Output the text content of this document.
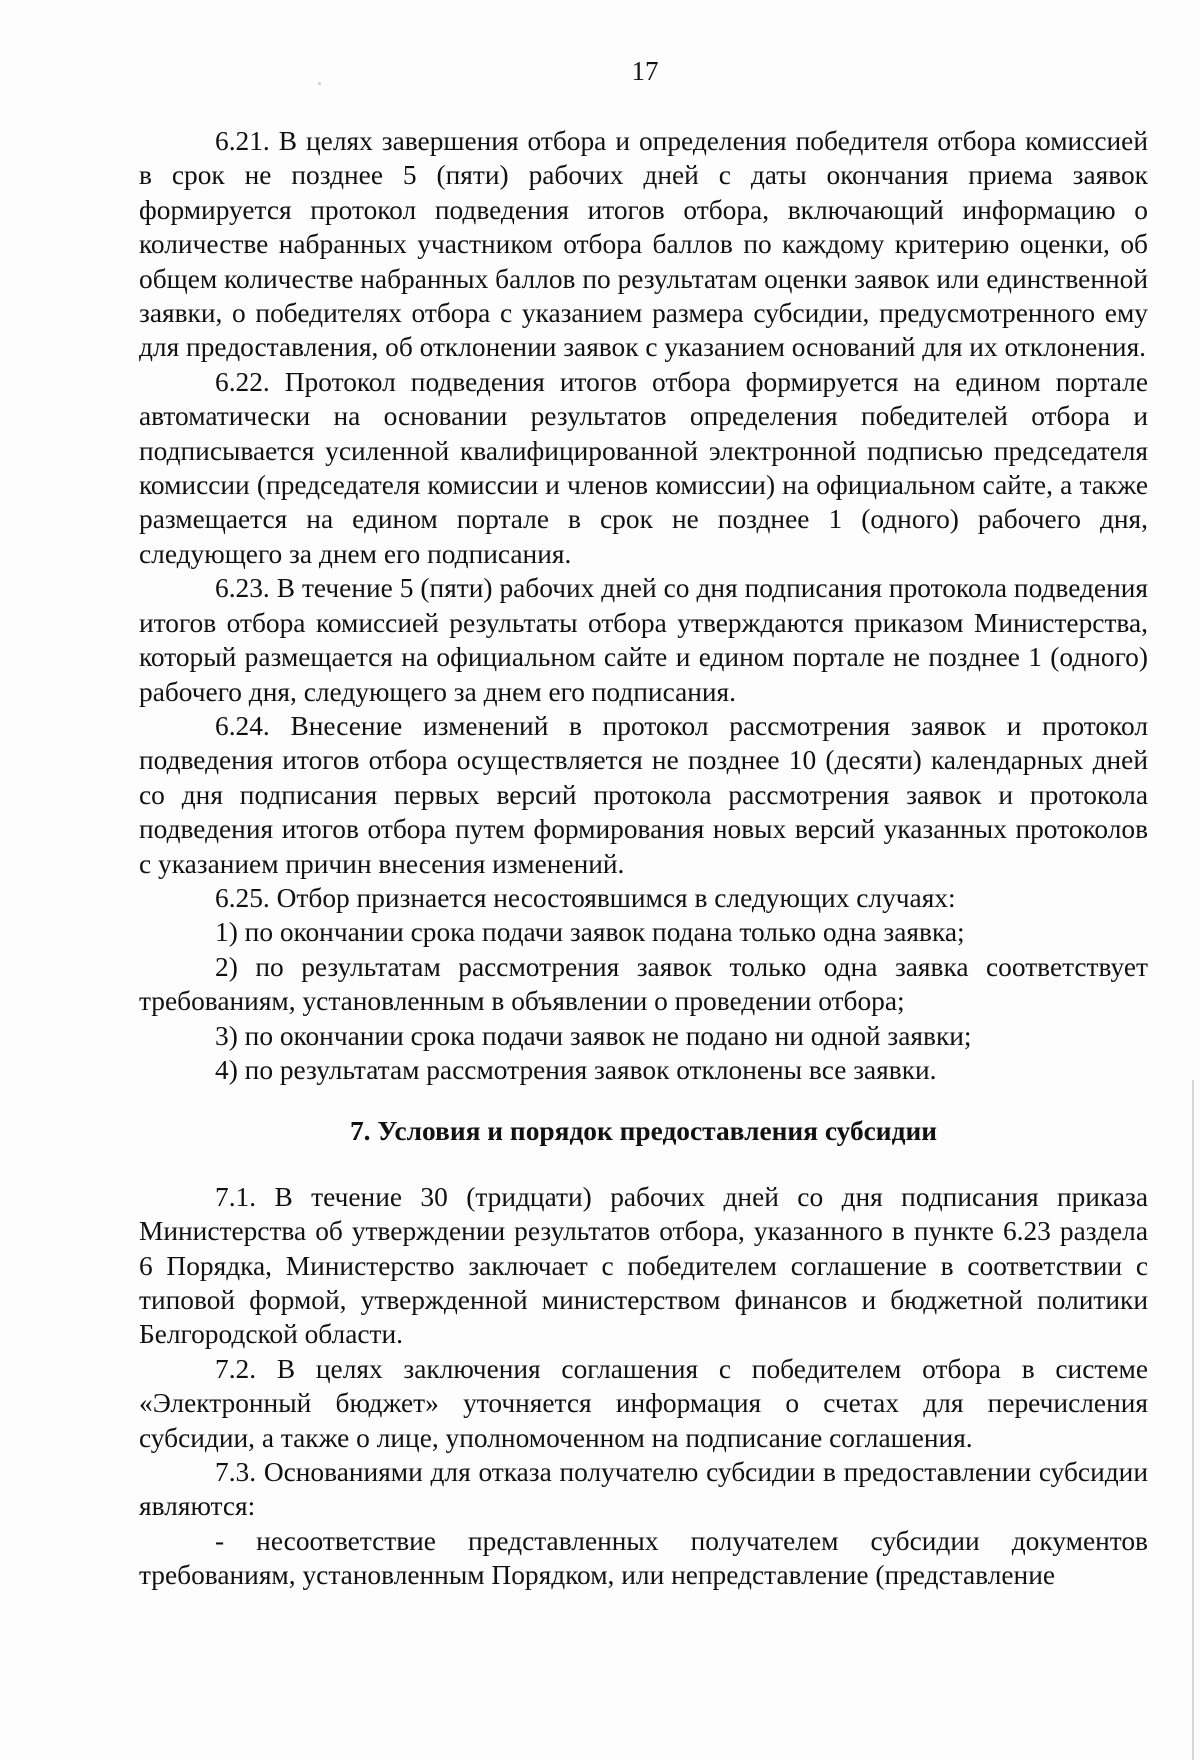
17

6.21. В целях завершения отбора и определения победителя отбора комиссией в срок не позднее 5 (пяти) рабочих дней с даты окончания приема заявок формируется протокол подведения итогов отбора, включающий информацию о количестве набранных участником отбора баллов по каждому критерию оценки, об общем количестве набранных баллов по результатам оценки заявок или единственной заявки, о победителях отбора с указанием размера субсидии, предусмотренного ему для предоставления, об отклонении заявок с указанием оснований для их отклонения.

6.22. Протокол подведения итогов отбора формируется на едином портале автоматически на основании результатов определения победителей отбора и подписывается усиленной квалифицированной электронной подписью председателя комиссии (председателя комиссии и членов комиссии) на официальном сайте, а также размещается на едином портале в срок не позднее 1 (одного) рабочего дня, следующего за днем его подписания.

6.23. В течение 5 (пяти) рабочих дней со дня подписания протокола подведения итогов отбора комиссией результаты отбора утверждаются приказом Министерства, который размещается на официальном сайте и едином портале не позднее 1 (одного) рабочего дня, следующего за днем его подписания.

6.24. Внесение изменений в протокол рассмотрения заявок и протокол подведения итогов отбора осуществляется не позднее 10 (десяти) календарных дней со дня подписания первых версий протокола рассмотрения заявок и протокола подведения итогов отбора путем формирования новых версий указанных протоколов с указанием причин внесения изменений.

6.25. Отбор признается несостоявшимся в следующих случаях:

1) по окончании срока подачи заявок подана только одна заявка;

2) по результатам рассмотрения заявок только одна заявка соответствует требованиям, установленным в объявлении о проведении отбора;

3) по окончании срока подачи заявок не подано ни одной заявки;

4) по результатам рассмотрения заявок отклонены все заявки.

7. Условия и порядок предоставления субсидии

7.1. В течение 30 (тридцати) рабочих дней со дня подписания приказа Министерства об утверждении результатов отбора, указанного в пункте 6.23 раздела 6 Порядка, Министерство заключает с победителем соглашение в соответствии с типовой формой, утвержденной министерством финансов и бюджетной политики Белгородской области.

7.2. В целях заключения соглашения с победителем отбора в системе «Электронный бюджет» уточняется информация о счетах для перечисления субсидии, а также о лице, уполномоченном на подписание соглашения.

7.3. Основаниями для отказа получателю субсидии в предоставлении субсидии являются:

- несоответствие представленных получателем субсидии документов требованиям, установленным Порядком, или непредставление (представление
